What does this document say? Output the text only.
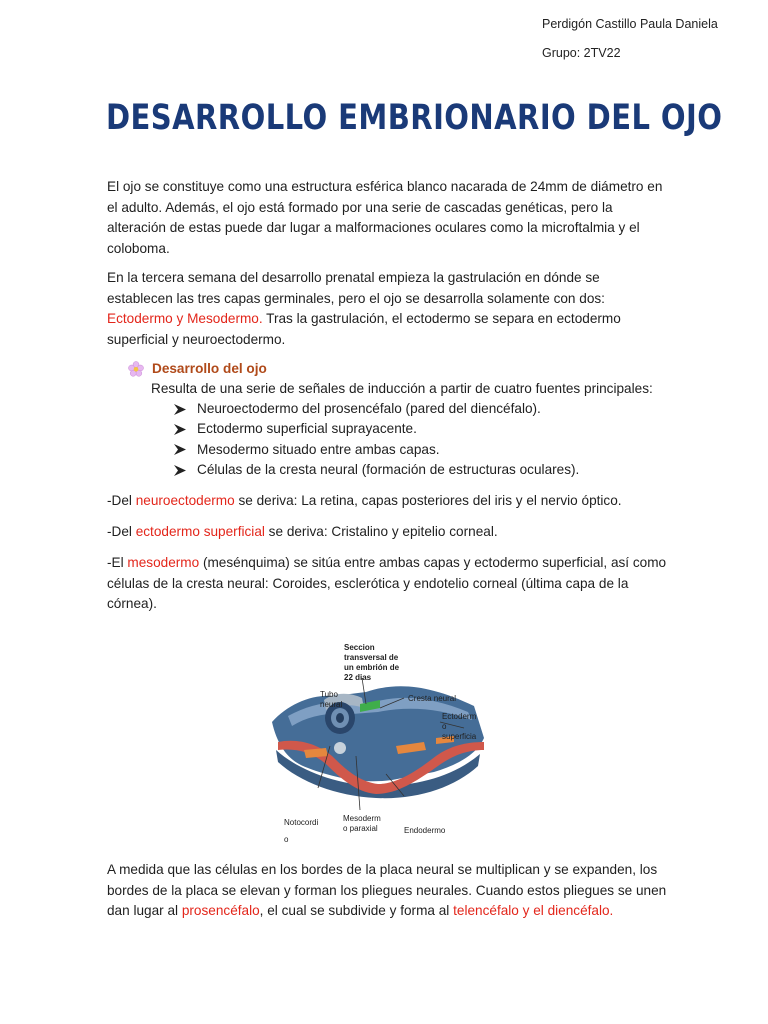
Perdigón Castillo Paula Daniela
Grupo: 2TV22
DESARROLLO EMBRIONARIO DEL OJO

El ojo se constituye como una estructura esférica blanco nacarada de 24mm de diámetro en el adulto. Además, el ojo está formado por una serie de cascadas genéticas, pero la alteración de estas puede dar lugar a malformaciones oculares como la microftalmia y el coloboma.

En la tercera semana del desarrollo prenatal empieza la gastrulación en dónde se establecen las tres capas germinales, pero el ojo se desarrolla solamente con dos: Ectodermo y Mesodermo. Tras la gastrulación, el ectodermo se separa en ectodermo superficial y neuroectodermo.

Desarrollo del ojo

Resulta de una serie de señales de inducción a partir de cuatro fuentes principales:

Neuroectodermo del prosencéfalo (pared del diencéfalo).
Ectodermo superficial suprayacente.
Mesodermo situado entre ambas capas.
Células de la cresta neural (formación de estructuras oculares).

-Del neuroectodermo se deriva: La retina, capas posteriores del iris y el nervio óptico.

-Del ectodermo superficial se deriva: Cristalino y epitelio corneal.

-El mesodermo (mesénquima) se sitúa entre ambas capas y ectodermo superficial, así como células de la cresta neural: Coroides, esclerótica y endotelio corneal (última capa de la córnea).

Seccion
transversal de
un embrión de
22 dias
Tubo
neural
Cresta neural
Ectoderm
o
superficia
Notocordi
o
Mesoderm
o paraxial	Endodermo

A medida que las células en los bordes de la placa neural se multiplican y se expanden, los bordes de la placa se elevan y forman los pliegues neurales. Cuando estos pliegues se unen dan lugar al prosencéfalo, el cual se subdivide y forma al telencéfalo y el diencéfalo.
